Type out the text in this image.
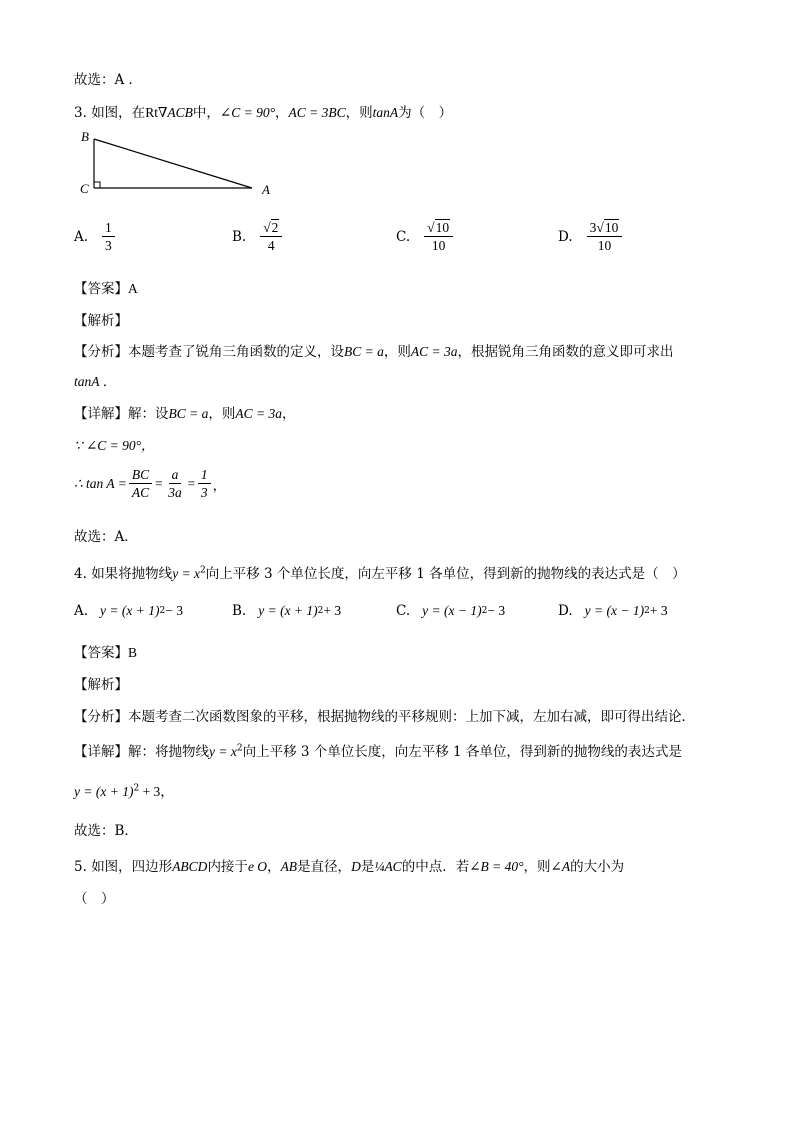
故选：A ．
3. 如图，在Rt∇ACB中，∠C = 90°，AC = 3BC，则tanA为（　）
B
C	A
A. $\frac{1}{3}$	B. $\frac{√ 2}{4}$	C. $\frac{√ 10}{10}$	D. $\frac{3√ 10}{10}$
【答案】A
【解析】
【分析】本题考查了锐角三角函数的定义，设BC = a，则AC = 3a，根据锐角三角函数的意义即可求出
tanA ．
【详解】解：设BC = a，则AC = 3a，
∵ ∠C = 90°，
∴ $\tan A = \frac{BC}{AC} = \frac{a}{3a} = \frac{1}{3}$ ，
故选：A．
4. 如果将抛物线$y = x^2$向上平移 3 个单位长度，向左平移 1 各单位，得到新的抛物线的表达式是（　）
A. y = (x + 1) 2 − 3	B. y = (x + 1) 2 + 3	C. y = (x − 1) 2 − 3	D. y = (x − 1) 2 + 3
【答案】B
【解析】
【分析】本题考查二次函数图象的平移，根据抛物线的平移规则：上加下减，左加右减，即可得出结论．
【详解】解：将抛物线$y = x^2$向上平移 3 个单位长度，向左平移 1 各单位，得到新的抛物线的表达式是
$y = (x + 1)^2 + 3$，
故选：B．
5. 如图，四边形ABCD内接于e O，AB是直径，D是¼AC的中点．若∠B = 40°，则∠A的大小为
（　）
